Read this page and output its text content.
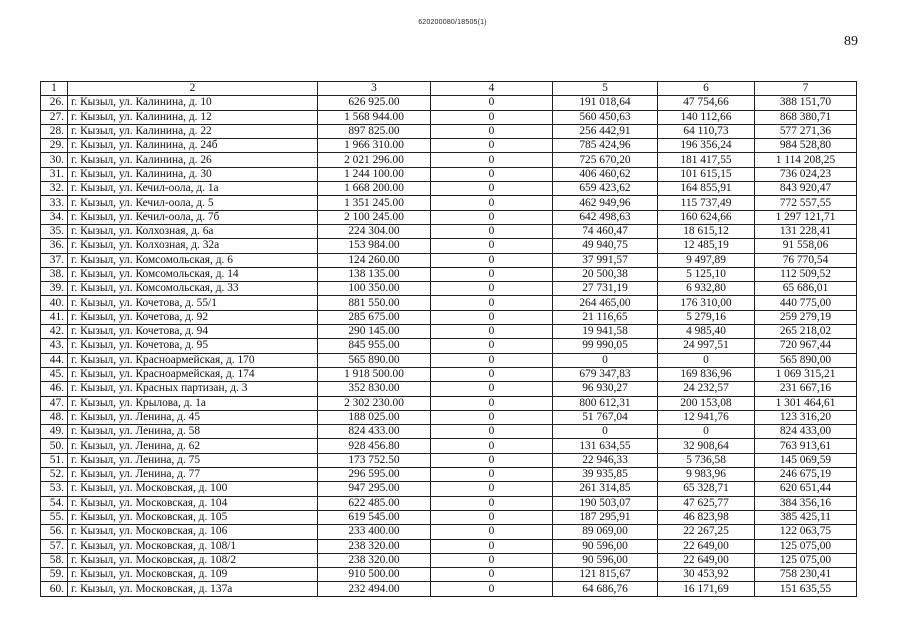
620200080/18505(1)
89
1	2	3	4	5	6	7
26.	г. Кызыл, ул. Калинина, д. 10	626 925.00	0	191 018,64	47 754,66	388 151,70
27.	г. Кызыл, ул. Калинина, д. 12	1 568 944.00	0	560 450,63	140 112,66	868 380,71
28.	г. Кызыл, ул. Калинина, д. 22	897 825.00	0	256 442,91	64 110,73	577 271,36
29.	г. Кызыл, ул. Калинина, д. 24б	1 966 310.00	0	785 424,96	196 356,24	984 528,80
30.	г. Кызыл, ул. Калинина, д. 26	2 021 296.00	0	725 670,20	181 417,55	1 114 208,25
31.	г. Кызыл, ул. Калинина, д. 30	1 244 100.00	0	406 460,62	101 615,15	736 024,23
32.	г. Кызыл, ул. Кечил-оола, д. 1а	1 668 200.00	0	659 423,62	164 855,91	843 920,47
33.	г. Кызыл, ул. Кечил-оола, д. 5	1 351 245.00	0	462 949,96	115 737,49	772 557,55
34.	г. Кызыл, ул. Кечил-оола, д. 7б	2 100 245.00	0	642 498,63	160 624,66	1 297 121,71
35.	г. Кызыл, ул. Колхозная, д. 6а	224 304.00	0	74 460,47	18 615,12	131 228,41
36.	г. Кызыл, ул. Колхозная, д. 32а	153 984.00	0	49 940,75	12 485,19	91 558,06
37.	г. Кызыл, ул. Комсомольская, д. 6	124 260.00	0	37 991,57	9 497,89	76 770,54
38.	г. Кызыл, ул. Комсомольская, д. 14	138 135.00	0	20 500,38	5 125,10	112 509,52
39.	г. Кызыл, ул. Комсомольская, д. 33	100 350.00	0	27 731,19	6 932,80	65 686,01
40.	г. Кызыл, ул. Кочетова, д. 55/1	881 550.00	0	264 465,00	176 310,00	440 775,00
41.	г. Кызыл, ул. Кочетова, д. 92	285 675.00	0	21 116,65	5 279,16	259 279,19
42.	г. Кызыл, ул. Кочетова, д. 94	290 145.00	0	19 941,58	4 985,40	265 218,02
43.	г. Кызыл, ул. Кочетова, д. 95	845 955.00	0	99 990,05	24 997,51	720 967,44
44.	г. Кызыл, ул. Красноармейская, д. 170	565 890.00	0	0	0	565 890,00
45.	г. Кызыл, ул. Красноармейская, д. 174	1 918 500.00	0	679 347,83	169 836,96	1 069 315,21
46.	г. Кызыл, ул. Красных партизан, д. 3	352 830.00	0	96 930,27	24 232,57	231 667,16
47.	г. Кызыл, ул. Крылова, д. 1а	2 302 230.00	0	800 612,31	200 153,08	1 301 464,61
48.	г. Кызыл, ул. Ленина, д. 45	188 025.00	0	51 767,04	12 941,76	123 316,20
49.	г. Кызыл, ул. Ленина, д. 58	824 433.00	0	0	0	824 433,00
50.	г. Кызыл, ул. Ленина, д. 62	928 456.80	0	131 634,55	32 908,64	763 913,61
51.	г. Кызыл, ул. Ленина, д. 75	173 752.50	0	22 946,33	5 736,58	145 069,59
52.	г. Кызыл, ул. Ленина, д. 77	296 595.00	0	39 935,85	9 983,96	246 675,19
53.	г. Кызыл, ул. Московская, д. 100	947 295.00	0	261 314,85	65 328,71	620 651,44
54.	г. Кызыл, ул. Московская, д. 104	622 485.00	0	190 503,07	47 625,77	384 356,16
55.	г. Кызыл, ул. Московская, д. 105	619 545.00	0	187 295,91	46 823,98	385 425,11
56.	г. Кызыл, ул. Московская, д. 106	233 400.00	0	89 069,00	22 267,25	122 063,75
57.	г. Кызыл, ул. Московская, д. 108/1	238 320.00	0	90 596,00	22 649,00	125 075,00
58.	г. Кызыл, ул. Московская, д. 108/2	238 320.00	0	90 596,00	22 649,00	125 075,00
59.	г. Кызыл, ул. Московская, д. 109	910 500.00	0	121 815,67	30 453,92	758 230,41
60.	г. Кызыл, ул. Московская, д. 137а	232 494.00	0	64 686,76	16 171,69	151 635,55
